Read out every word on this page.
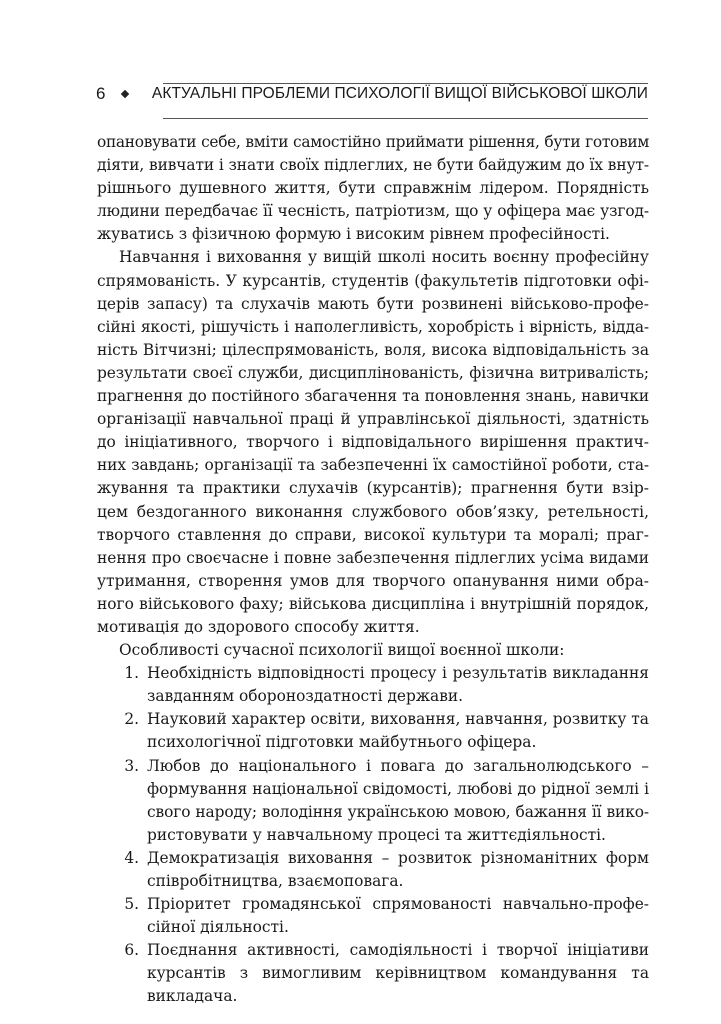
6	АКТУАЛЬНІ ПРОБЛЕМИ ПСИХОЛОГІЇ ВИЩОЇ ВІЙСЬКОВОЇ ШКОЛИ
опановувати себе, вміти самостійно приймати рішення, бути готовим
діяти, вивчати і знати своїх підлеглих, не бути байдужим до їх внут-
рішнього душевного життя, бути справжнім лідером. Порядність
людини передбачає її чесність, патріотизм, що у офіцера має узгод-
жуватись з фізичною формую і високим рівнем професійності.
Навчання і виховання у вищій школі носить воєнну професійну
спрямованість. У курсантів, студентів (факультетів підготовки офі-
церів запасу) та слухачів мають бути розвинені військово-профе-
сійні якості, рішучість і наполегливість, хоробрість і вірність, відда-
ність Вітчизні; цілеспрямованість, воля, висока відповідальність за
результати своєї служби, дисциплінованість, фізична витривалість;
прагнення до постійного збагачення та поновлення знань, навички
організації навчальної праці й управлінської діяльності, здатність
до ініціативного, творчого і відповідального вирішення практич-
них завдань; організації та забезпеченні їх самостійної роботи, ста-
жування та практики слухачів (курсантів); прагнення бути взір-
цем бездоганного виконання службового обов’язку, ретельності,
творчого ставлення до справи, високої культури та моралі; праг-
нення про своєчасне і повне забезпечення підлеглих усіма видами
утримання, створення умов для творчого опанування ними обра-
ного військового фаху; військова дисципліна і внутрішній порядок,
мотивація до здорового способу життя.
Особливості сучасної психології вищої воєнної школи:
1. Необхідність відповідності процесу і результатів викладання
завданням обороноздатності держави.
2. Науковий характер освіти, виховання, навчання, розвитку та
психологічної підготовки майбутнього офіцера.
3. Любов до національного і повага до загальнолюдського –
формування національної свідомості, любові до рідної землі і
свого народу; володіння українською мовою, бажання її вико-
ристовувати у навчальному процесі та життєдіяльності.
4. Демократизація виховання – розвиток різноманітних форм
співробітництва, взаємоповага.
5. Пріоритет громадянської спрямованості навчально-профе-
сійної діяльності.
6. Поєднання активності, самодіяльності і творчої ініціативи
курсантів з вимогливим керівництвом командування та
викладача.
